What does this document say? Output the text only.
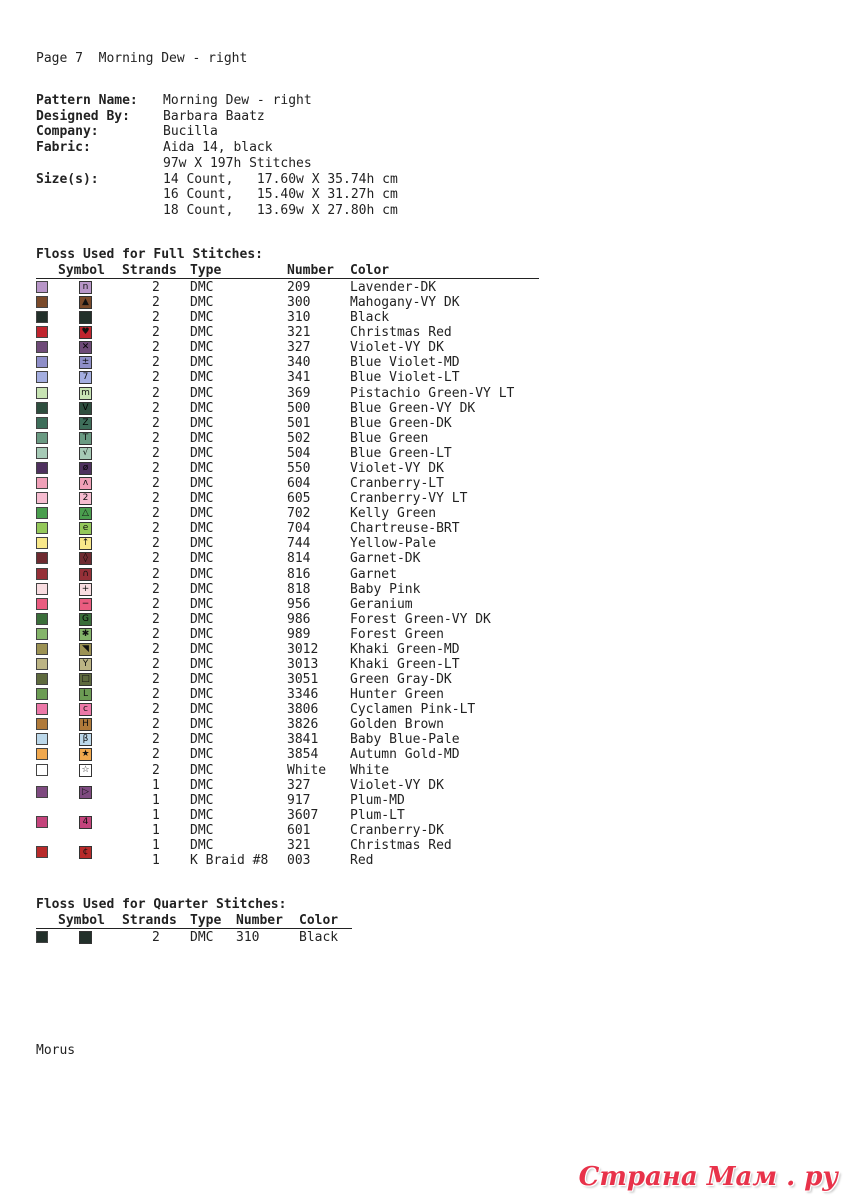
Page 7  Morning Dew - right
Pattern Name: Morning Dew - right
Designed By:	Barbara Baatz
Company:	Bucilla
Fabric:	Aida 14, black
97w X 197h Stitches
Size(s):	14 Count,   17.60w X 35.74h cm
16 Count,   15.40w X 31.27h cm
18 Count,   13.69w X 27.80h cm
Floss Used for Full Stitches:
Symbol Strands Type	Number Color
n	2 DMC	209	Lavender-DK
▲	2 DMC	300	Mahogany-VY DK
2 DMC	310	Black
♥	2 DMC	321	Christmas Red
✕	2 DMC	327	Violet-VY DK
±	2 DMC	340	Blue Violet-MD
7	2 DMC	341	Blue Violet-LT
m	2 DMC	369	Pistachio Green-VY LT
V	2 DMC	500	Blue Green-VY DK
Z	2 DMC	501	Blue Green-DK
T	2 DMC	502	Blue Green
√	2 DMC	504	Blue Green-LT
ø	2 DMC	550	Violet-VY DK
ʌ	2 DMC	604	Cranberry-LT
2	2 DMC	605	Cranberry-VY LT
△	2 DMC	702	Kelly Green
e	2 DMC	704	Chartreuse-BRT
↑	2 DMC	744	Yellow-Pale
◊	2 DMC	814	Garnet-DK
∩	2 DMC	816	Garnet
+	2 DMC	818	Baby Pink
−	2 DMC	956	Geranium
G	2 DMC	986	Forest Green-VY DK
✱	2 DMC	989	Forest Green
◥	2 DMC	3012 Khaki Green-MD
Y	2 DMC	3013 Khaki Green-LT
□	2 DMC	3051 Green Gray-DK
L	2 DMC	3346 Hunter Green
c	2 DMC	3806 Cyclamen Pink-LT
H	2 DMC	3826 Golden Brown
β	2 DMC	3841 Baby Blue-Pale
★	2 DMC	3854 Autumn Gold-MD
☆	2 DMC	White White
▷	1 DMC	327	Violet-VY DK
1 DMC	917	Plum-MD
4	1 DMC	3607 Plum-LT
1 DMC	601	Cranberry-DK
¢	1 DMC	321	Christmas Red
1 K Braid #8 003	Red
Floss Used for Quarter Stitches:
Symbol Strands Type Number Color
2 DMC 310	Black
Morus
Страна Мам . ру
